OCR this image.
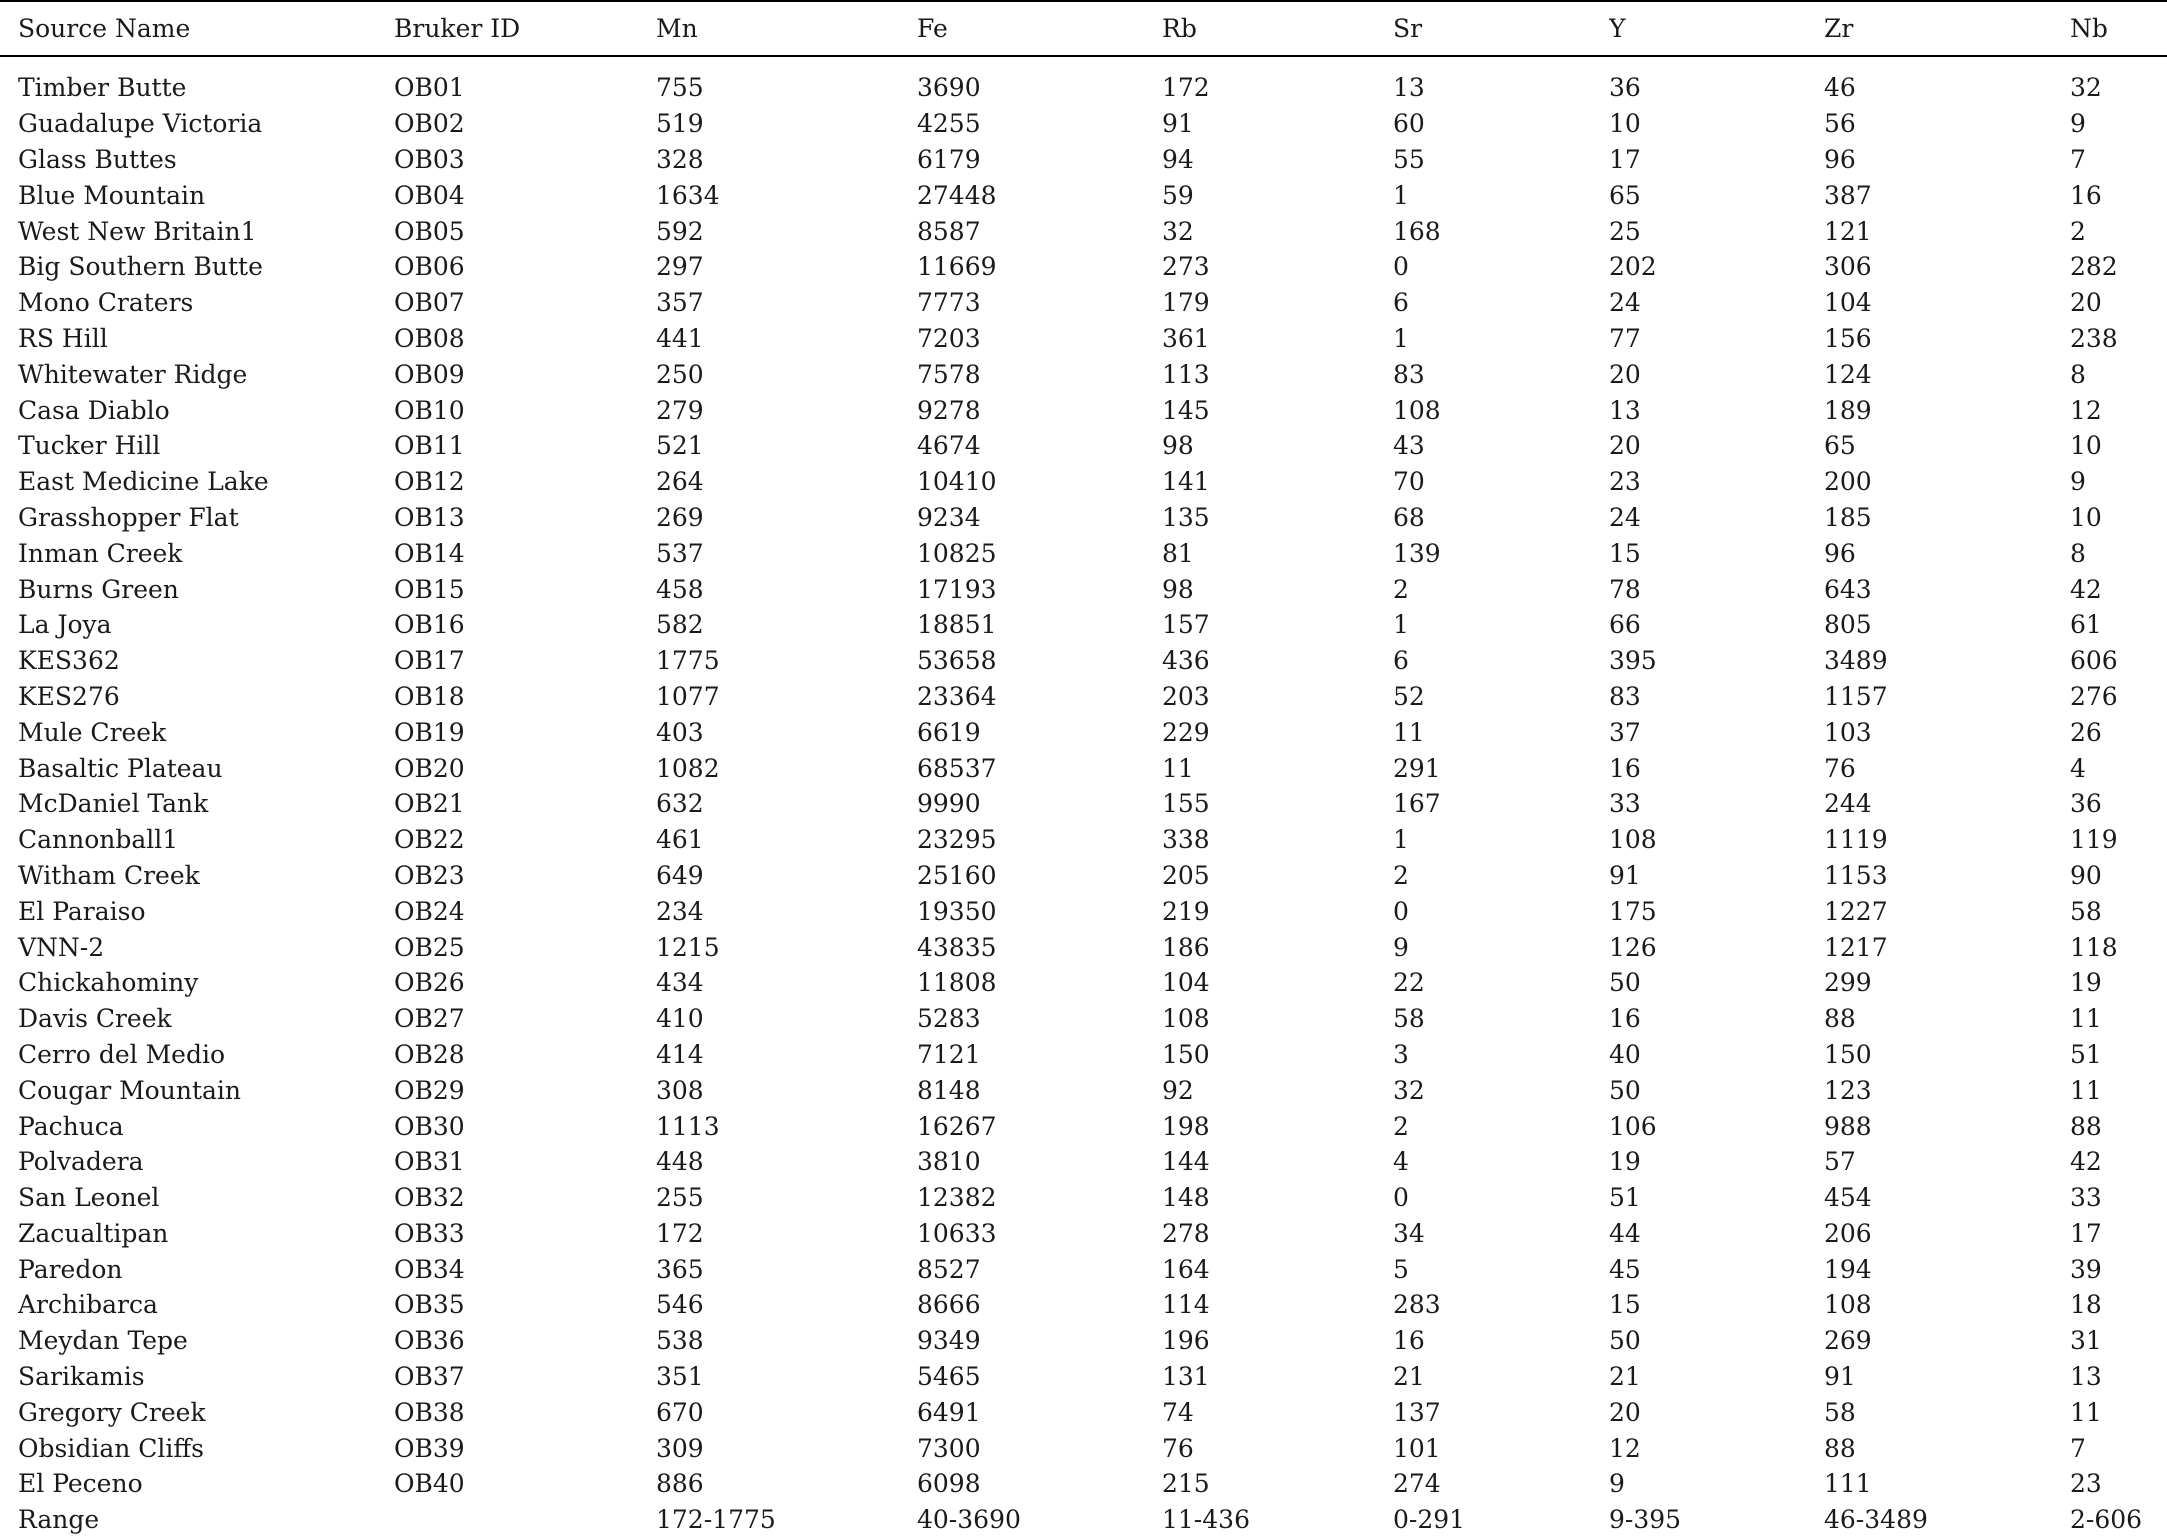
Source Name	Bruker ID	Mn	Fe	Rb	Sr	Y	Zr	Nb

Timber Butte	OB01	755	3690	172	13	36	46	32
Guadalupe Victoria	OB02	519	4255	91	60	10	56	9
Glass Buttes	OB03	328	6179	94	55	17	96	7
Blue Mountain	OB04	1634	27448	59	1	65	387	16
West New Britain1	OB05	592	8587	32	168	25	121	2
Big Southern Butte	OB06	297	11669	273	0	202	306	282
Mono Craters	OB07	357	7773	179	6	24	104	20
RS Hill	OB08	441	7203	361	1	77	156	238
Whitewater Ridge	OB09	250	7578	113	83	20	124	8
Casa Diablo	OB10	279	9278	145	108	13	189	12
Tucker Hill	OB11	521	4674	98	43	20	65	10
East Medicine Lake	OB12	264	10410	141	70	23	200	9
Grasshopper Flat	OB13	269	9234	135	68	24	185	10
Inman Creek	OB14	537	10825	81	139	15	96	8
Burns Green	OB15	458	17193	98	2	78	643	42
La Joya	OB16	582	18851	157	1	66	805	61
KES362	OB17	1775	53658	436	6	395	3489	606
KES276	OB18	1077	23364	203	52	83	1157	276
Mule Creek	OB19	403	6619	229	11	37	103	26
Basaltic Plateau	OB20	1082	68537	11	291	16	76	4
McDaniel Tank	OB21	632	9990	155	167	33	244	36
Cannonball1	OB22	461	23295	338	1	108	1119	119
Witham Creek	OB23	649	25160	205	2	91	1153	90
El Paraiso	OB24	234	19350	219	0	175	1227	58
VNN-2	OB25	1215	43835	186	9	126	1217	118
Chickahominy	OB26	434	11808	104	22	50	299	19
Davis Creek	OB27	410	5283	108	58	16	88	11
Cerro del Medio	OB28	414	7121	150	3	40	150	51
Cougar Mountain	OB29	308	8148	92	32	50	123	11
Pachuca	OB30	1113	16267	198	2	106	988	88
Polvadera	OB31	448	3810	144	4	19	57	42
San Leonel	OB32	255	12382	148	0	51	454	33
Zacualtipan	OB33	172	10633	278	34	44	206	17
Paredon	OB34	365	8527	164	5	45	194	39
Archibarca	OB35	546	8666	114	283	15	108	18
Meydan Tepe	OB36	538	9349	196	16	50	269	31
Sarikamis	OB37	351	5465	131	21	21	91	13
Gregory Creek	OB38	670	6491	74	137	20	58	11
Obsidian Cliffs	OB39	309	7300	76	101	12	88	7
El Peceno	OB40	886	6098	215	274	9	111	23
Range		172-1775	40-3690	11-436	0-291	9-395	46-3489	2-606
